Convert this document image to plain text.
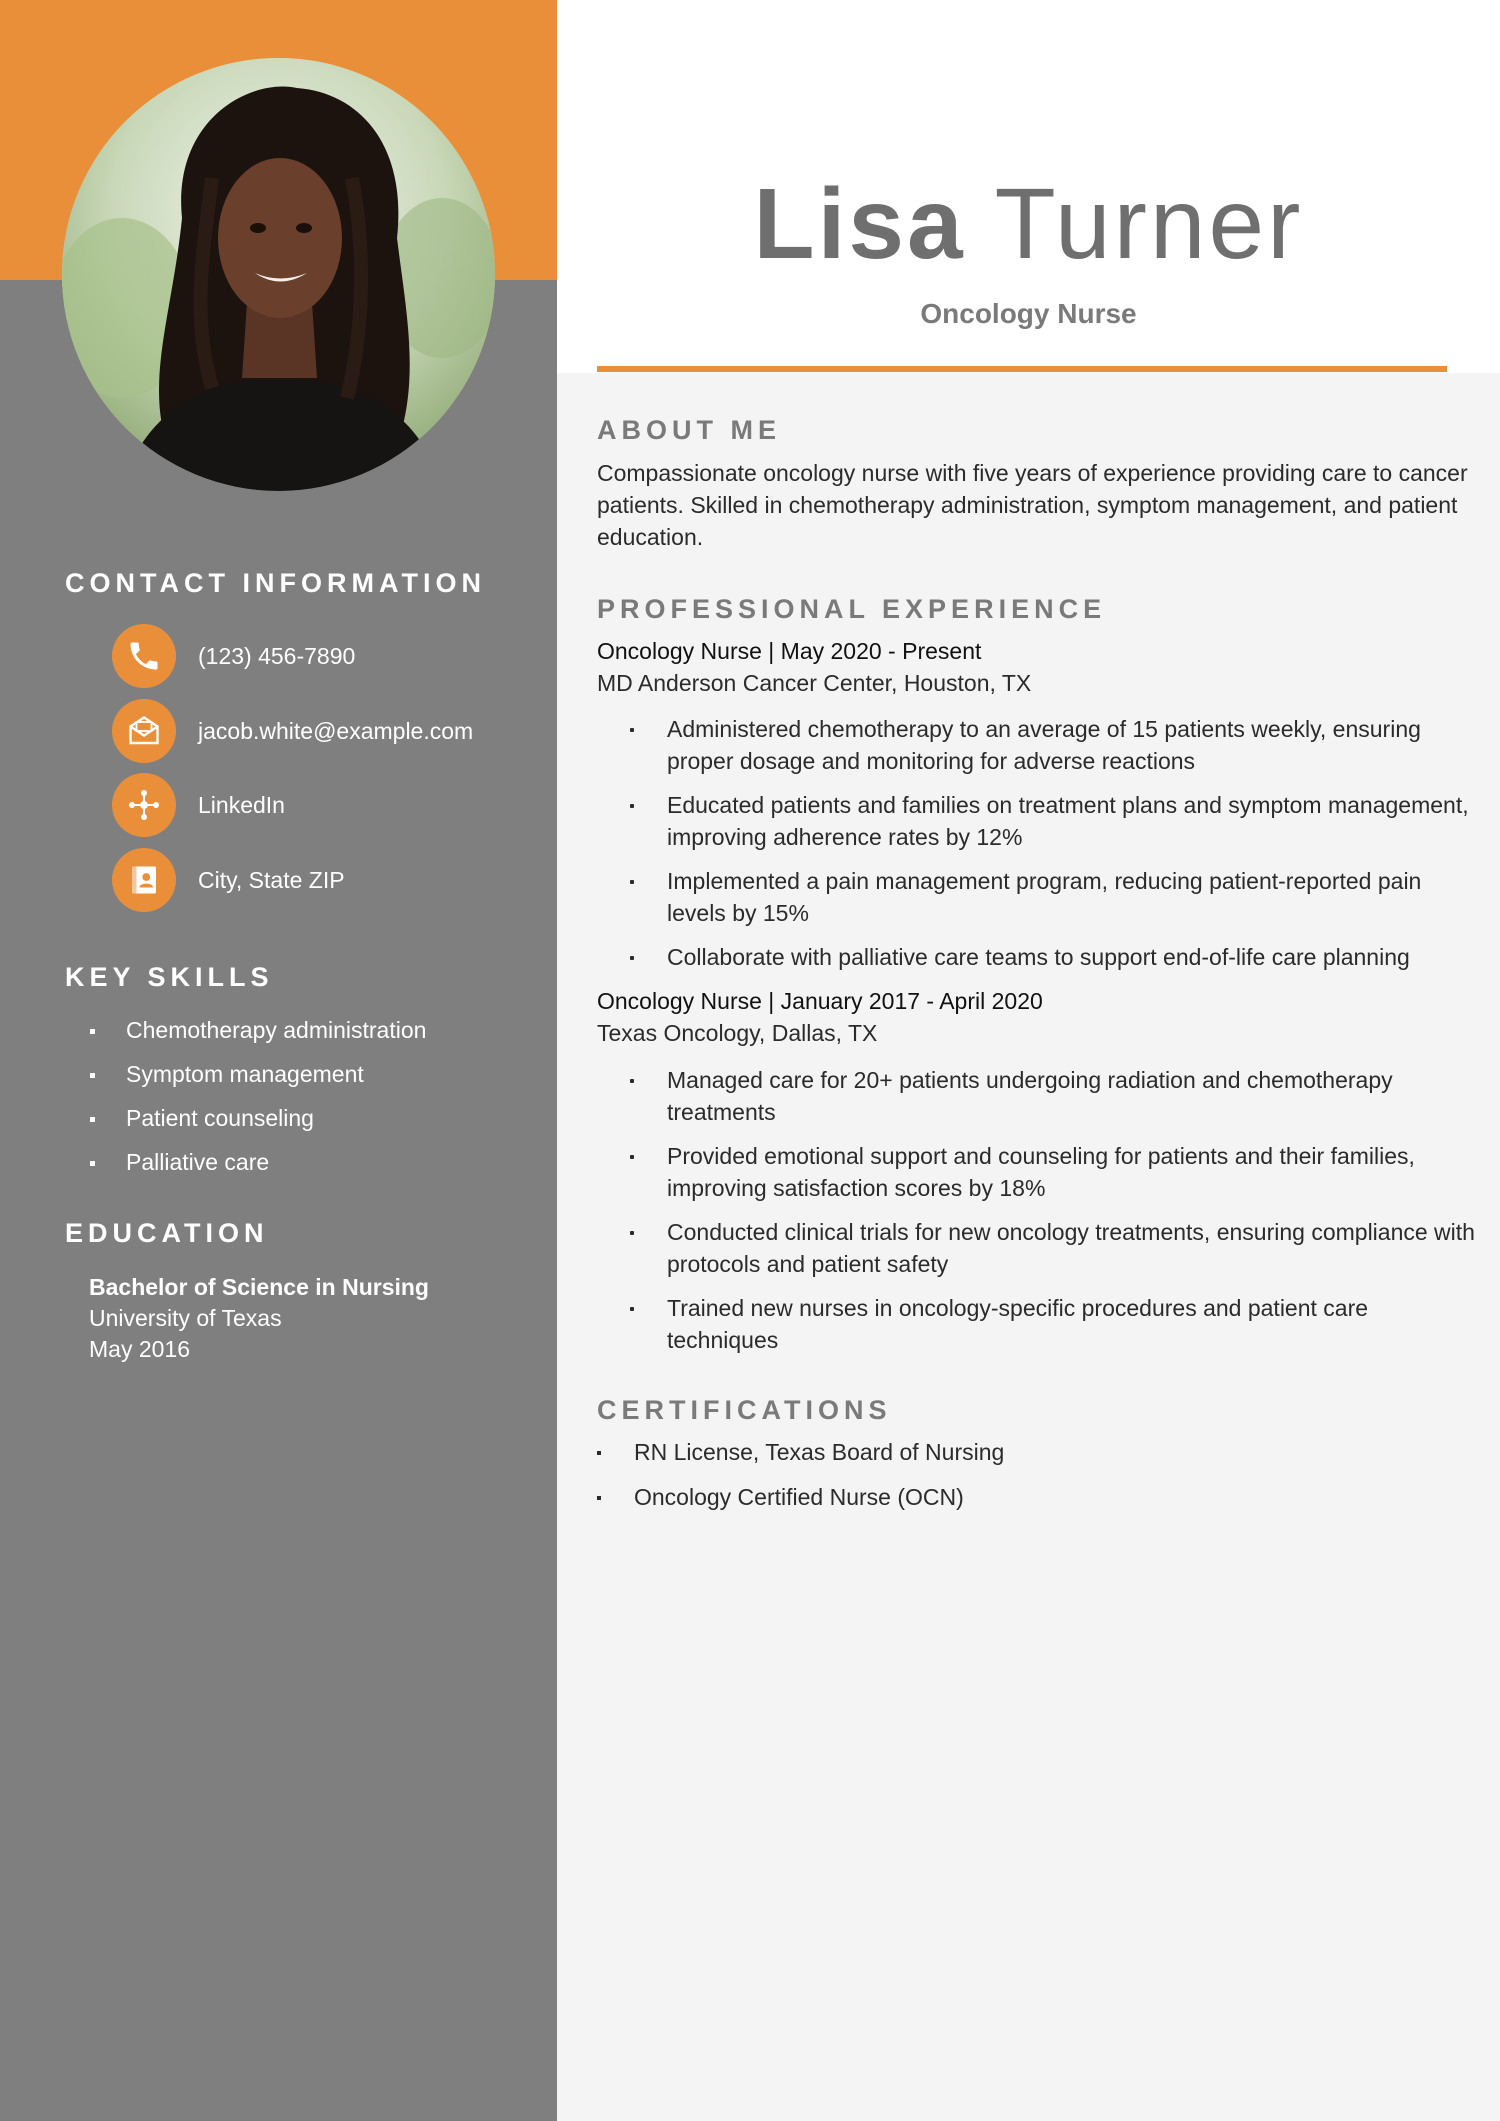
CONTACT INFORMATION
(123) 456-7890
jacob.white@example.com
LinkedIn
City, State ZIP
KEY SKILLS
Chemotherapy administration
Symptom management
Patient counseling
Palliative care
EDUCATION
Bachelor of Science in Nursing
University of Texas
May 2016
Lisa Turner
Oncology Nurse
ABOUT ME
Compassionate oncology nurse with five years of experience providing care to cancer patients. Skilled in chemotherapy administration, symptom management, and patient education.
PROFESSIONAL EXPERIENCE
Oncology Nurse | May 2020 - Present
MD Anderson Cancer Center, Houston, TX
Administered chemotherapy to an average of 15 patients weekly, ensuring proper dosage and monitoring for adverse reactions
Educated patients and families on treatment plans and symptom management, improving adherence rates by 12%
Implemented a pain management program, reducing patient-reported pain levels by 15%
Collaborate with palliative care teams to support end-of-life care planning
Oncology Nurse | January 2017 - April 2020
Texas Oncology, Dallas, TX
Managed care for 20+ patients undergoing radiation and chemotherapy treatments
Provided emotional support and counseling for patients and their families, improving satisfaction scores by 18%
Conducted clinical trials for new oncology treatments, ensuring compliance with protocols and patient safety
Trained new nurses in oncology-specific procedures and patient care techniques
CERTIFICATIONS
RN License, Texas Board of Nursing
Oncology Certified Nurse (OCN)
